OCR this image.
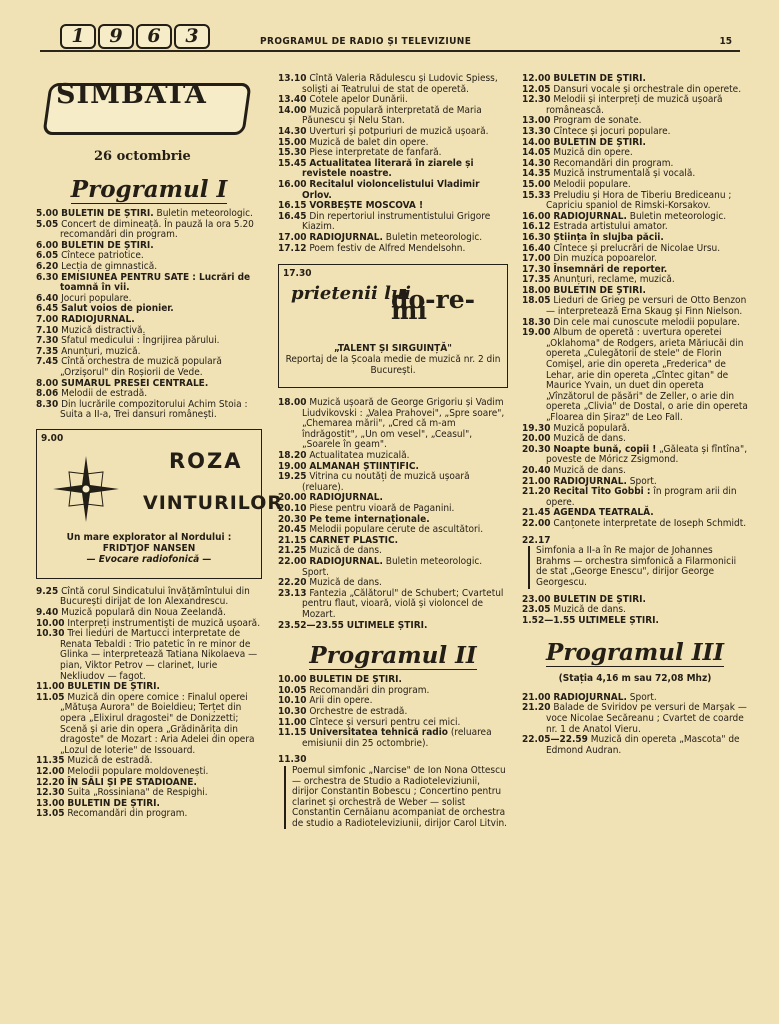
1	9	6	3	PROGRAMUL DE RADIO ȘI TELEVIZIUNE	15
SIMBATA
26 octombrie
Programul I
5.00 BULETIN DE ȘTIRI. Buletin meteorologic.
5.05 Concert de dimineață. În pauză la ora 5.20 recomandări din program.
6.00 BULETIN DE ȘTIRI.
6.05 Cîntece patriotice.
6.20 Lecția de gimnastică.
6.30 EMISIUNEA PENTRU SATE : Lucrări de toamnă în vii.
6.40 Jocuri populare.
6.45 Salut voios de pionier.
7.00 RADIOJURNAL.
7.10 Muzică distractivă.
7.30 Sfatul medicului : Îngrijirea părului.
7.35 Anunțuri, muzică.
7.45 Cîntă orchestra de muzică populară „Orzișorul" din Roșiorii de Vede.
8.00 SUMARUL PRESEI CENTRALE.
8.06 Melodii de estradă.
8.30 Din lucrările compozitorului Achim Stoia : Suita a II-a, Trei dansuri românești.
9.00
ROZA
VINTURILOR
Un mare explorator al Nordului :
FRIDTJOF NANSEN
— Evocare radiofonică —
9.25 Cîntă corul Sindicatului învățămîntului din București dirijat de Ion Alexandrescu.
9.40 Muzică populară din Noua Zeelandă.
10.00 Interpreți instrumentiști de muzică ușoară.
10.30 Trei lieduri de Martucci interpretate de Renata Tebaldi : Trio patetic în re minor de Glinka — interpretează Tatiana Nikolaeva — pian, Viktor Petrov — clarinet, Iurie Nekliudov — fagot.
11.00 BULETIN DE ȘTIRI.
11.05 Muzică din opere comice : Finalul operei „Mătușa Aurora" de Boieldieu; Terțet din opera „Elixirul dragostei" de Donizzetti; Scenă și arie din opera „Grădinărița din dragoste" de Mozart : Aria Adelei din opera „Lozul de loterie" de Issouard.
11.35 Muzică de estradă.
12.00 Melodii populare moldovenești.
12.20 ÎN SĂLI ȘI PE STADIOANE.
12.30 Suita „Rossiniana" de Respighi.
13.00 BULETIN DE ȘTIRI.
13.05 Recomandări din program.
13.10 Cîntă Valeria Rădulescu și Ludovic Spiess, soliști ai Teatrului de stat de operetă.
13.40 Cotele apelor Dunării.
14.00 Muzică populară interpretată de Maria Păunescu și Nelu Stan.
14.30 Uverturi și potpuriuri de muzică ușoară.
15.00 Muzică de balet din opere.
15.30 Piese interpretate de fanfară.
15.45 Actualitatea literară în ziarele și revistele noastre.
16.00 Recitalul violoncelistului Vladimir Orlov.
16.15 VORBEȘTE MOSCOVA !
16.45 Din repertoriul instrumentistului Grigore Kiazim.
17.00 RADIOJURNAL. Buletin meteorologic.
17.12 Poem festiv de Alfred Mendelsohn.
17.30
prietenii lui
do-re-mi
„TALENT ȘI SIRGUINȚĂ"
Reportaj de la Școala medie de muzică nr. 2 din București.
18.00 Muzică ușoară de George Grigoriu și Vadim Liudvikovski : „Valea Prahovei", „Spre soare", „Chemarea mării", „Cred că m-am îndrăgostit", „Un om vesel", „Ceasul", „Soarele în geam".
18.20 Actualitatea muzicală.
19.00 ALMANAH ȘTIINȚIFIC.
19.25 Vitrina cu noutăți de muzică ușoară (reluare).
20.00 RADIOJURNAL.
20.10 Piese pentru vioară de Paganini.
20.30 Pe teme internaționale.
20.45 Melodii populare cerute de ascultători.
21.15 CARNET PLASTIC.
21.25 Muzică de dans.
22.00 RADIOJURNAL. Buletin meteorologic. Sport.
22.20 Muzică de dans.
23.13 Fantezia „Călătorul" de Schubert; Cvartetul pentru flaut, vioară, violă și violoncel de Mozart.
23.52—23.55 ULTIMELE ȘTIRI.
Programul II
10.00 BULETIN DE ȘTIRI.
10.05 Recomandări din program.
10.10 Arii din opere.
10.30 Orchestre de estradă.
11.00 Cîntece și versuri pentru cei mici.
11.15 Universitatea tehnică radio (reluarea emisiunii din 25 octombrie).
11.30
Poemul simfonic „Narcise" de Ion Nona Ottescu — orchestra de Studio a Radioteleviziunii, dirijor Constantin Bobescu ; Concertino pentru clarinet și orchestră de Weber — solist Constantin Cernăianu acompaniat de orchestra de studio a Radioteleviziunii, dirijor Carol Litvin.
12.00 BULETIN DE ȘTIRI.
12.05 Dansuri vocale și orchestrale din operete.
12.30 Melodii și interpreți de muzică ușoară românească.
13.00 Program de sonate.
13.30 Cîntece și jocuri populare.
14.00 BULETIN DE ȘTIRI.
14.05 Muzică din opere.
14.30 Recomandări din program.
14.35 Muzică instrumentală și vocală.
15.00 Melodii populare.
15.33 Preludiu și Hora de Tiberiu Brediceanu ; Capriciu spaniol de Rimski-Korsakov.
16.00 RADIOJURNAL. Buletin meteorologic.
16.12 Estrada artistului amator.
16.30 Știința în slujba păcii.
16.40 Cîntece și prelucrări de Nicolae Ursu.
17.00 Din muzica popoarelor.
17.30 Însemnări de reporter.
17.35 Anunțuri, reclame, muzică.
18.00 BULETIN DE ȘTIRI.
18.05 Lieduri de Grieg pe versuri de Otto Benzon — interpretează Erna Skaug și Finn Nielson.
18.30 Din cele mai cunoscute melodii populare.
19.00 Album de operetă : uvertura operetei „Oklahoma" de Rodgers, arieta Măriucăi din opereta „Culegătorii de stele" de Florin Comișel, arie din opereta „Frederica" de Lehar, arie din opereta „Cîntec gitan" de Maurice Yvain, un duet din opereta „Vînzătorul de păsări" de Zeller, o arie din opereta „Clivia" de Dostal, o arie din opereta „Floarea din Șiraz" de Leo Fall.
19.30 Muzică populară.
20.00 Muzică de dans.
20.30 Noapte bună, copii ! „Găleata și fîntîna", poveste de Móricz Zsigmond.
20.40 Muzică de dans.
21.00 RADIOJURNAL. Sport.
21.20 Recital Tito Gobbi : în program arii din opere.
21.45 AGENDA TEATRALĂ.
22.00 Canțonete interpretate de Ioseph Schmidt.
22.17
Simfonia a II-a în Re major de Johannes Brahms — orchestra simfonică a Filarmonicii de stat „George Enescu", dirijor George Georgescu.
23.00 BULETIN DE ȘTIRI.
23.05 Muzică de dans.
1.52—1.55 ULTIMELE ȘTIRI.
Programul III
(Stația 4,16 m sau 72,08 Mhz)
21.00 RADIOJURNAL. Sport.
21.20 Balade de Sviridov pe versuri de Marșak — voce Nicolae Secăreanu ; Cvartet de coarde nr. 1 de Anatol Vieru.
22.05—22.59 Muzică din opereta „Mascota" de Edmond Audran.
